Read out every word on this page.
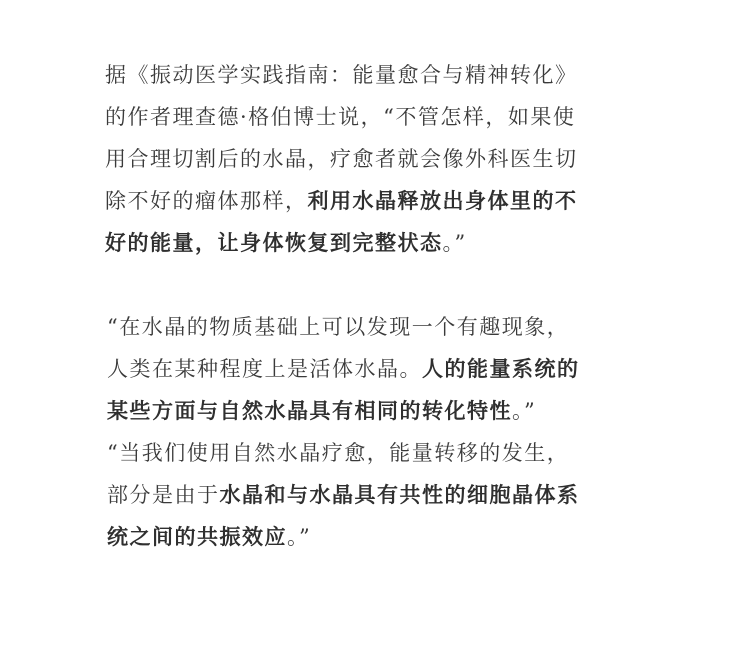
据《振动医学实践指南：能量愈合与精神转化》
的作者理查德·格伯博士说，“不管怎样，如果使
用合理切割后的水晶，疗愈者就会像外科医生切
除不好的瘤体那样，利用水晶释放出身体里的不
好的能量，让身体恢复到完整状态。”

“在水晶的物质基础上可以发现一个有趣现象，
人类在某种程度上是活体水晶。人的能量系统的
某些方面与自然水晶具有相同的转化特性。”

“当我们使用自然水晶疗愈，能量转移的发生，
部分是由于水晶和与水晶具有共性的细胞晶体系
统之间的共振效应。”
